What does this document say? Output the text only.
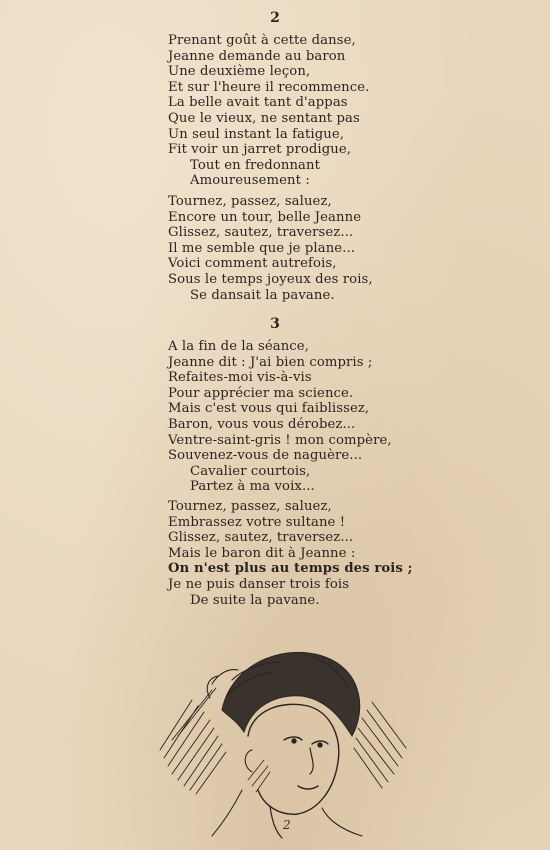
2
Prenant goût à cette danse,
Jeanne demande au baron
Une deuxième leçon,
Et sur l'heure il recommence.
La belle avait tant d'appas
Que le vieux, ne sentant pas
Un seul instant la fatigue,
Fit voir un jarret prodigue,
Tout en fredonnant
Amoureusement :
Tournez, passez, saluez,
Encore un tour, belle Jeanne
Glissez, sautez, traversez...
Il me semble que je plane...
Voici comment autrefois,
Sous le temps joyeux des rois,
Se dansait la pavane.
3
A la fin de la séance,
Jeanne dit : J'ai bien compris ;
Refaites-moi vis-à-vis
Pour apprécier ma science.
Mais c'est vous qui faiblissez,
Baron, vous vous dérobez...
Ventre-saint-gris ! mon compère,
Souvenez-vous de naguère...
Cavalier courtois,
Partez à ma voix...
Tournez, passez, saluez,
Embrassez votre sultane !
Glissez, sautez, traversez...
Mais le baron dit à Jeanne :
On n'est plus au temps des rois ;
Je ne puis danser trois fois
De suite la pavane.
2
